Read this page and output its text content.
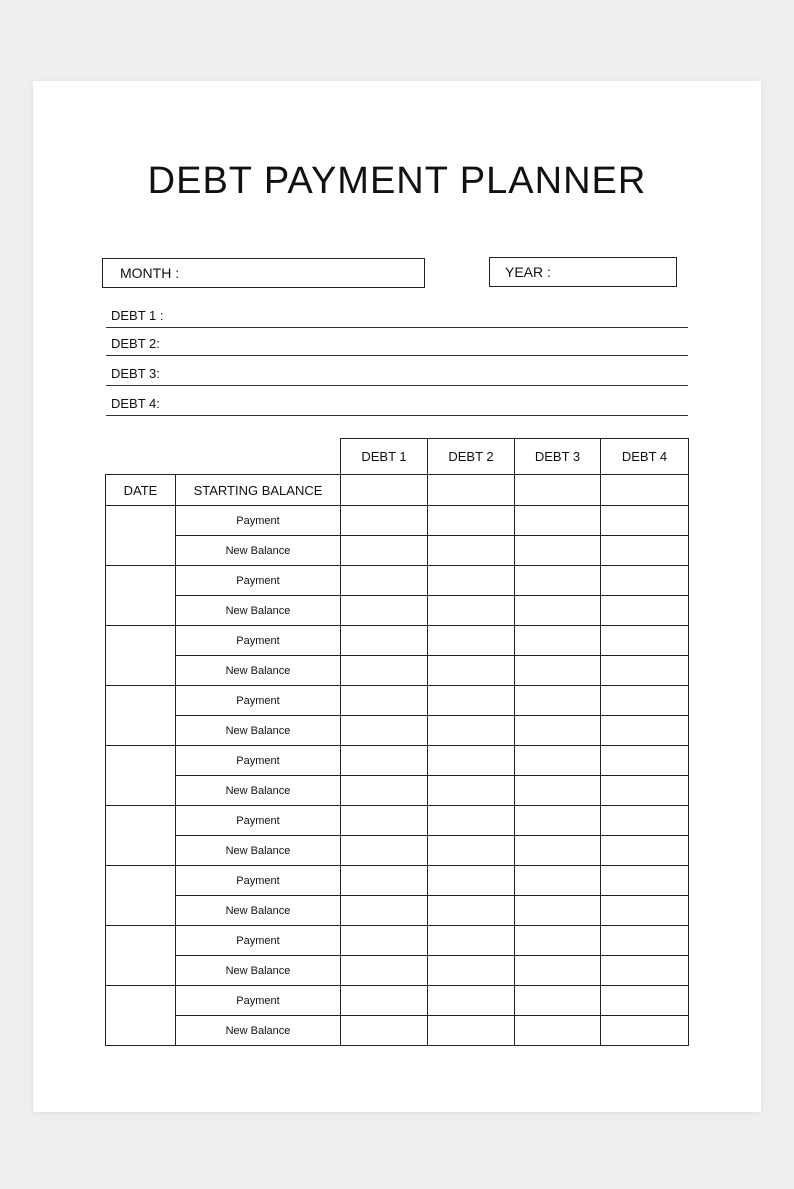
DEBT PAYMENT PLANNER
MONTH :	YEAR :
DEBT 1 :
DEBT 2:
DEBT 3:
DEBT 4:
		DEBT 1	DEBT 2	DEBT 3	DEBT 4
DATE	STARTING BALANCE				
	Payment				
	New Balance				
	Payment				
	New Balance				
	Payment				
	New Balance				
	Payment				
	New Balance				
	Payment				
	New Balance				
	Payment				
	New Balance				
	Payment				
	New Balance				
	Payment				
	New Balance				
	Payment				
	New Balance				
